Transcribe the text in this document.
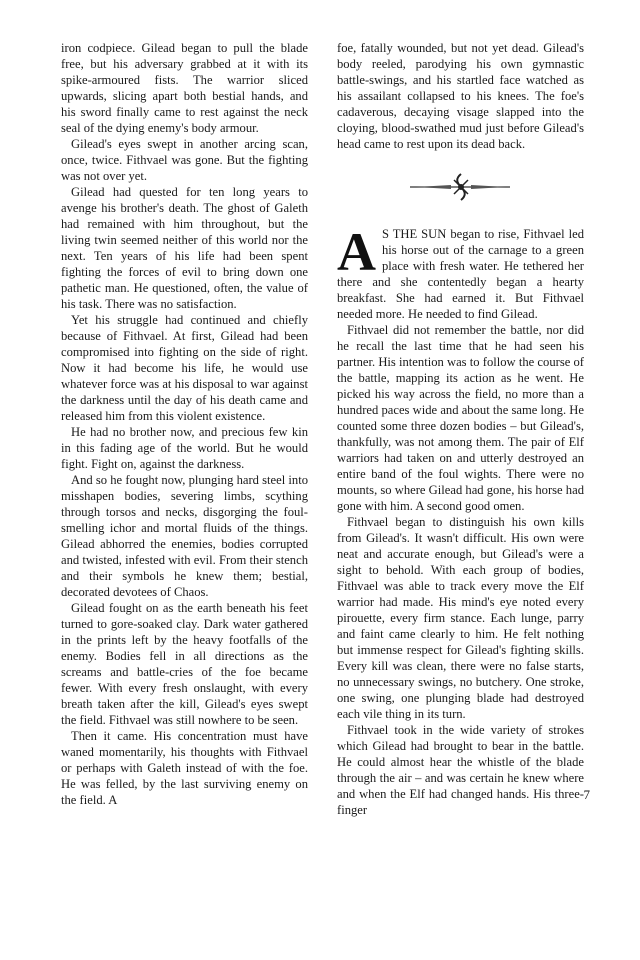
iron codpiece. Gilead began to pull the blade free, but his adversary grabbed at it with its spike-armoured fists. The warrior sliced upwards, slicing apart both bestial hands, and his sword finally came to rest against the neck seal of the dying enemy's body armour.

Gilead's eyes swept in another arcing scan, once, twice. Fithvael was gone. But the fighting was not over yet.

Gilead had quested for ten long years to avenge his brother's death. The ghost of Galeth had remained with him throughout, but the living twin seemed neither of this world nor the next. Ten years of his life had been spent fighting the forces of evil to bring down one pathetic man. He questioned, often, the value of his task. There was no satisfaction.

Yet his struggle had continued and chiefly because of Fithvael. At first, Gilead had been compromised into fighting on the side of right. Now it had become his life, he would use whatever force was at his disposal to war against the darkness until the day of his death came and released him from this violent existence.

He had no brother now, and precious few kin in this fading age of the world. But he would fight. Fight on, against the darkness.

And so he fought now, plunging hard steel into misshapen bodies, severing limbs, scything through torsos and necks, disgorging the foul-smelling ichor and mortal fluids of the things. Gilead abhorred the enemies, bodies corrupted and twisted, infested with evil. From their stench and their symbols he knew them; bestial, decorated devotees of Chaos.

Gilead fought on as the earth beneath his feet turned to gore-soaked clay. Dark water gathered in the prints left by the heavy footfalls of the enemy. Bodies fell in all directions as the screams and battle-cries of the foe became fewer. With every fresh onslaught, with every breath taken after the kill, Gilead's eyes swept the field. Fithvael was still nowhere to be seen.

Then it came. His concentration must have waned momentarily, his thoughts with Fithvael or perhaps with Galeth instead of with the foe. He was felled, by the last surviving enemy on the field. A

foe, fatally wounded, but not yet dead. Gilead's body reeled, parodying his own gymnastic battle-swings, and his startled face watched as his assailant collapsed to his knees. The foe's cadaverous, decaying visage slapped into the cloying, blood-swathed mud just before Gilead's head came to rest upon its dead back.

A S THE SUN began to rise, Fithvael led his horse out of the carnage to a green place with fresh water. He tethered her there and she contentedly began a hearty breakfast. She had earned it. But Fithvael needed more. He needed to find Gilead.

Fithvael did not remember the battle, nor did he recall the last time that he had seen his partner. His intention was to follow the course of the battle, mapping its action as he went. He picked his way across the field, no more than a hundred paces wide and about the same long. He counted some three dozen bodies – but Gilead's, thankfully, was not among them. The pair of Elf warriors had taken on and utterly destroyed an entire band of the foul wights. There were no mounts, so where Gilead had gone, his horse had gone with him. A second good omen.

Fithvael began to distinguish his own kills from Gilead's. It wasn't difficult. His own were neat and accurate enough, but Gilead's were a sight to behold. With each group of bodies, Fithvael was able to track every move the Elf warrior had made. His mind's eye noted every pirouette, every firm stance. Each lunge, parry and faint came clearly to him. He felt nothing but immense respect for Gilead's fighting skills. Every kill was clean, there were no false starts, no unnecessary swings, no butchery. One stroke, one swing, one plunging blade had destroyed each vile thing in its turn.

Fithvael took in the wide variety of strokes which Gilead had brought to bear in the battle. He could almost hear the whistle of the blade through the air – and was certain he knew where and when the Elf had changed hands. His three-finger

7
